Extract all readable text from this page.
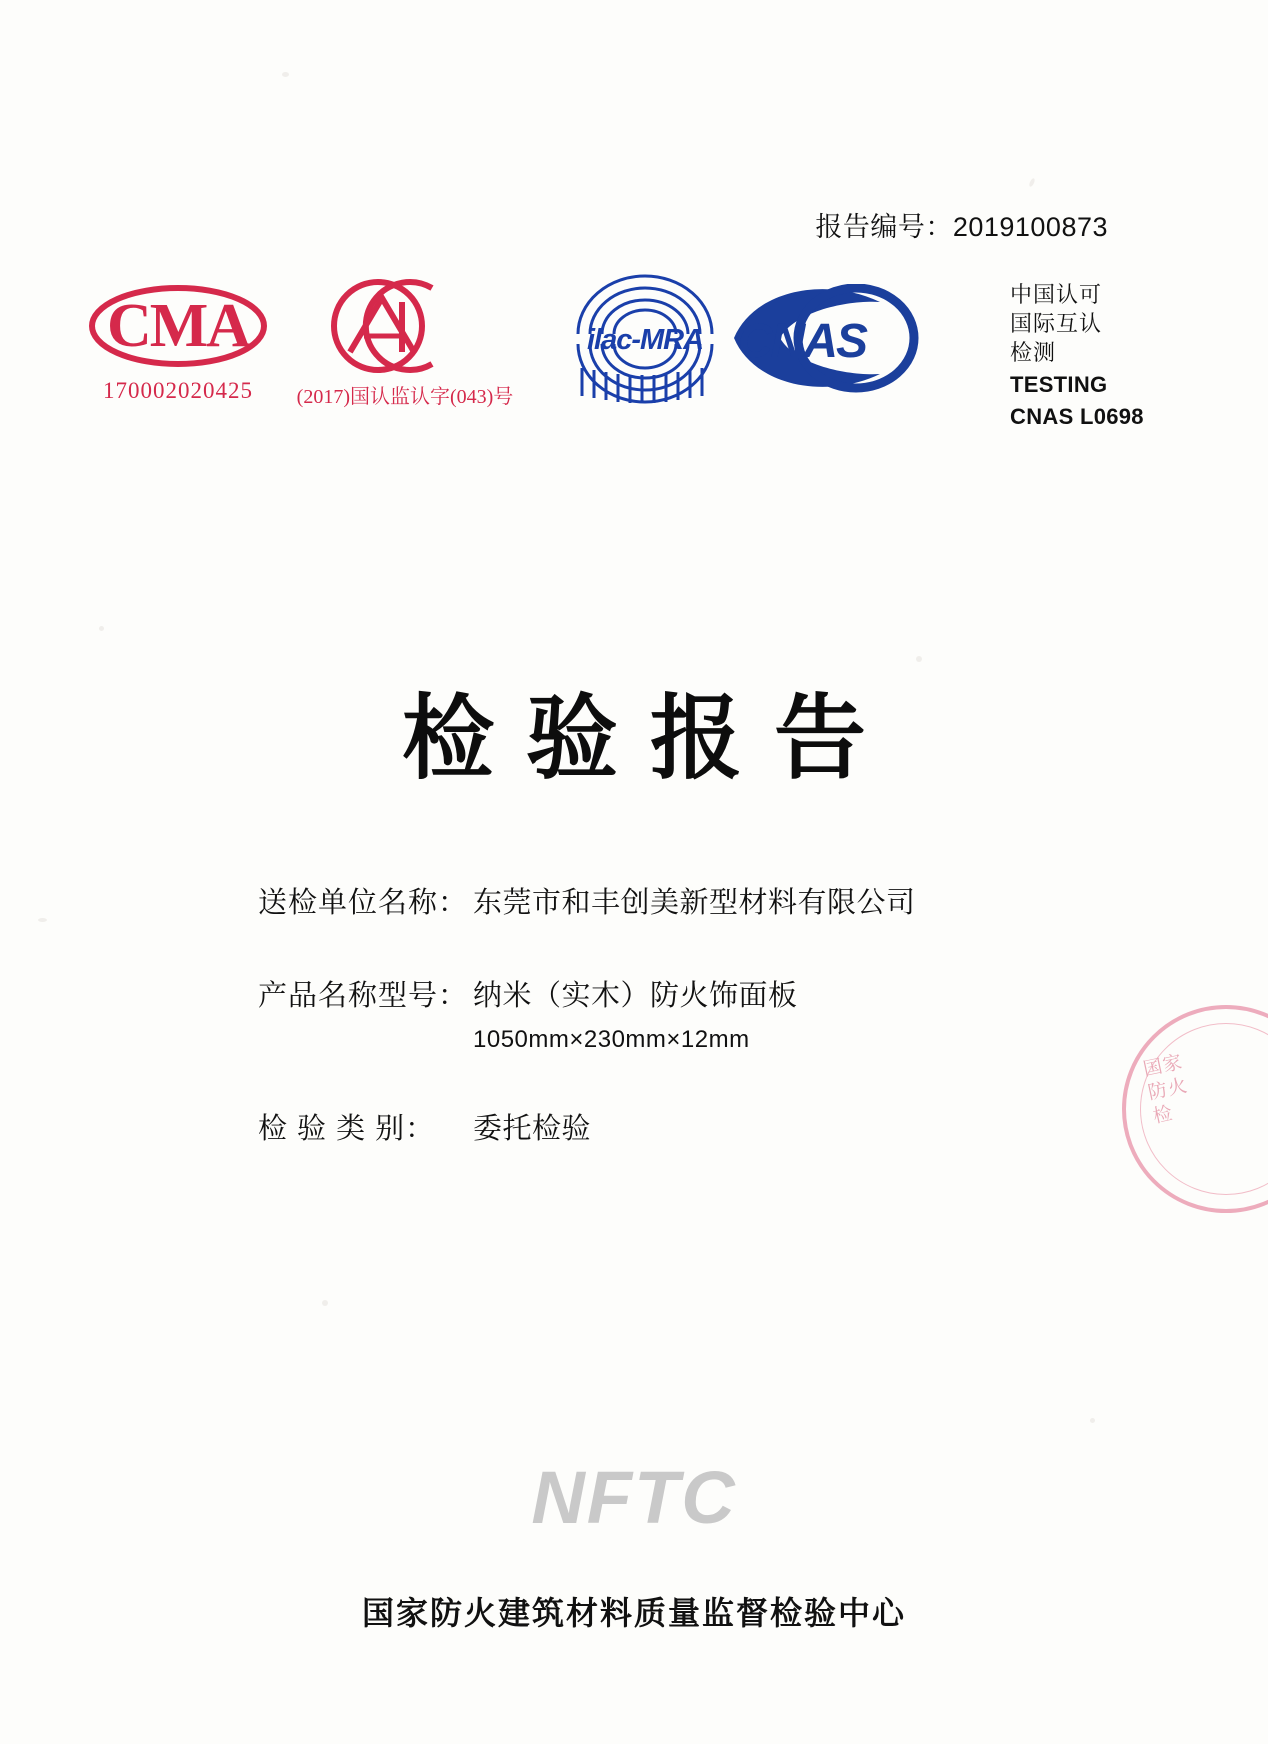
报告编号：2019100873
CMA
170002020425	(2017)国认监认字(043)号
ilac-MRA CNAS
中国认可
国际互认
检测
TESTING
CNAS L0698
检验报告
送检单位名称： 东莞市和丰创美新型材料有限公司
产品名称型号： 纳米（实木）防火饰面板
1050mm×230mm×12mm
检 验 类 别：	委托检验
国家防火检
NFTC
国家防火建筑材料质量监督检验中心
